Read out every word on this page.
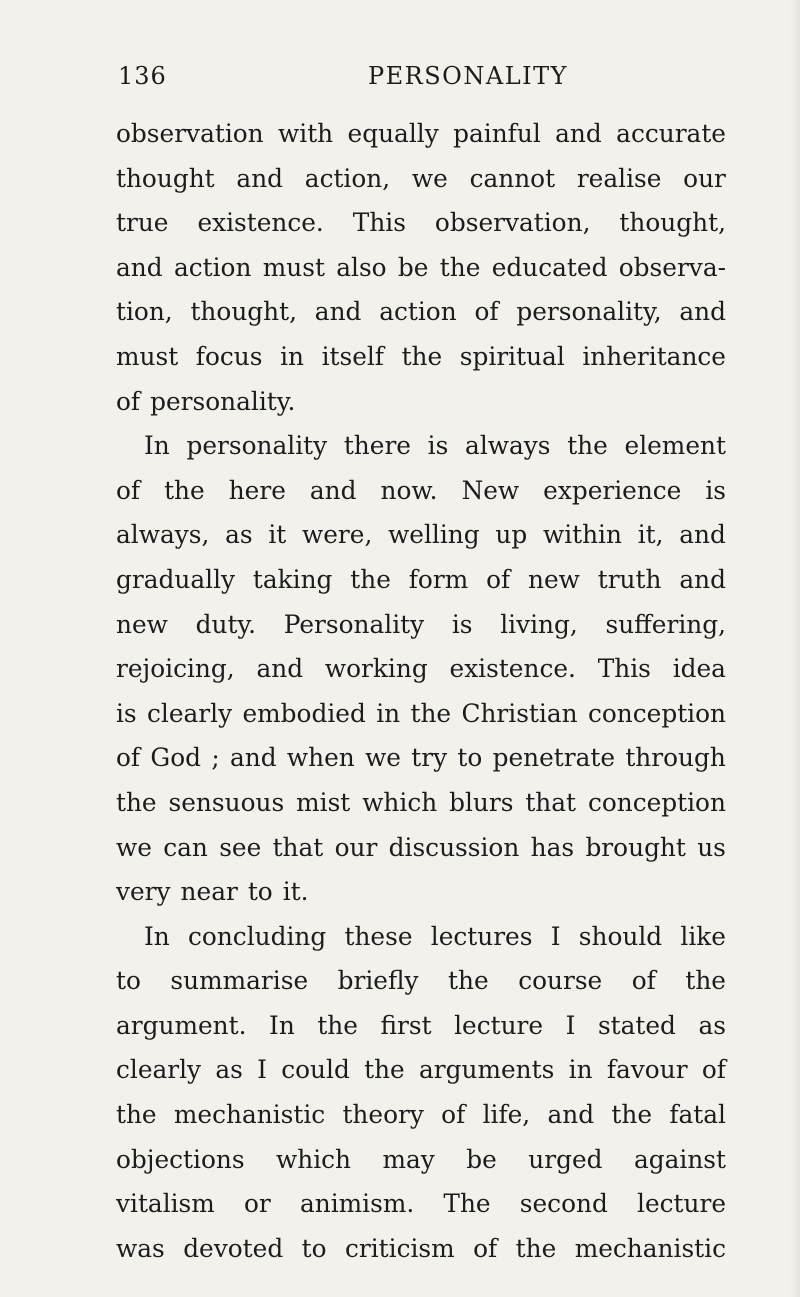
136	PERSONALITY
observation with equally painful and accurate
thought and action, we cannot realise our
true existence. This observation, thought,
and action must also be the educated observa-
tion, thought, and action of personality, and
must focus in itself the spiritual inheritance
of personality.
In personality there is always the element
of the here and now. New experience is
always, as it were, welling up within it, and
gradually taking the form of new truth and
new duty. Personality is living, suffering,
rejoicing, and working existence. This idea
is clearly embodied in the Christian conception
of God ; and when we try to penetrate through
the sensuous mist which blurs that conception
we can see that our discussion has brought us
very near to it.
In concluding these lectures I should like
to summarise briefly the course of the
argument. In the first lecture I stated as
clearly as I could the arguments in favour of
the mechanistic theory of life, and the fatal
objections which may be urged against
vitalism or animism. The second lecture
was devoted to criticism of the mechanistic
